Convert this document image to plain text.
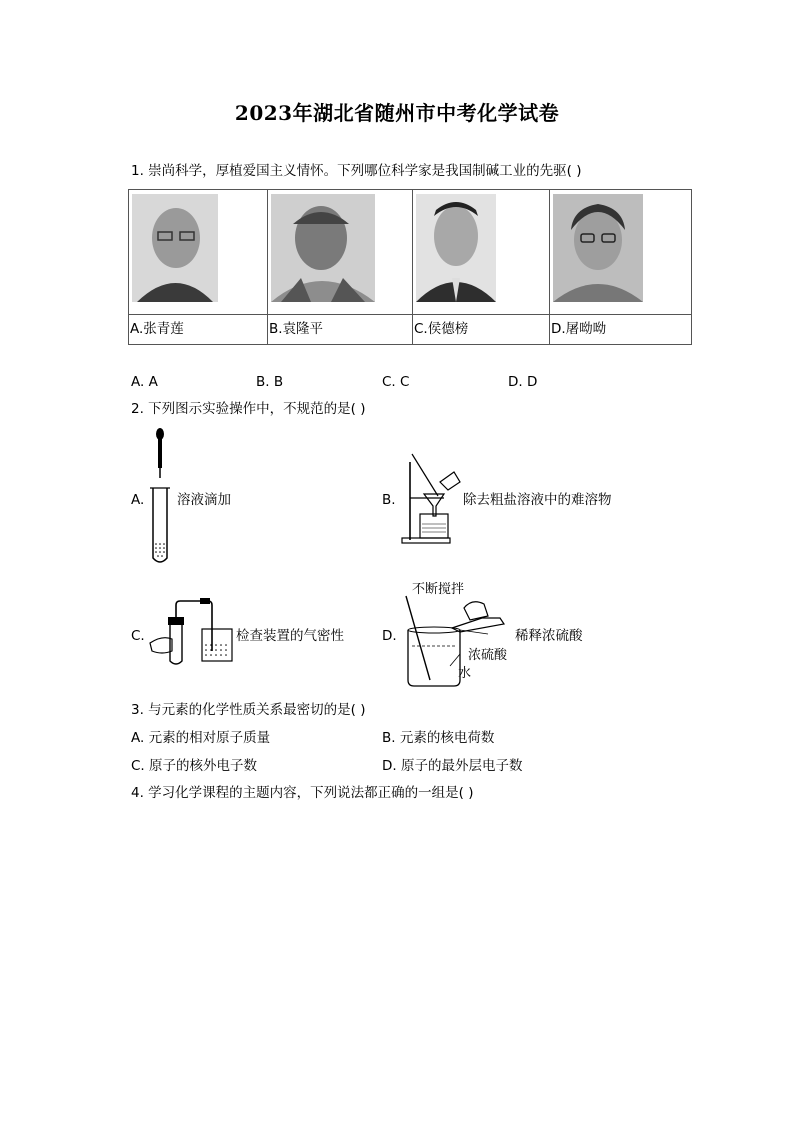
2023年湖北省随州市中考化学试卷
1. 崇尚科学，厚植爱国主义情怀。下列哪位科学家是我国制碱工业的先驱( )

A.张青莲	B.袁隆平	C.侯德榜	D.屠呦呦
A. A	B. B	C. C	D. D
2. 下列图示实验操作中，不规范的是( )
A. 溶液滴加	B.	除去粗盐溶液中的难溶物
C.	检查装置的气密性	D.
不断搅拌
浓硫酸
水
稀释浓硫酸
3. 与元素的化学性质关系最密切的是( )
A. 元素的相对原子质量	B. 元素的核电荷数
C. 原子的核外电子数	D. 原子的最外层电子数
4. 学习化学课程的主题内容，下列说法都正确的一组是( )
